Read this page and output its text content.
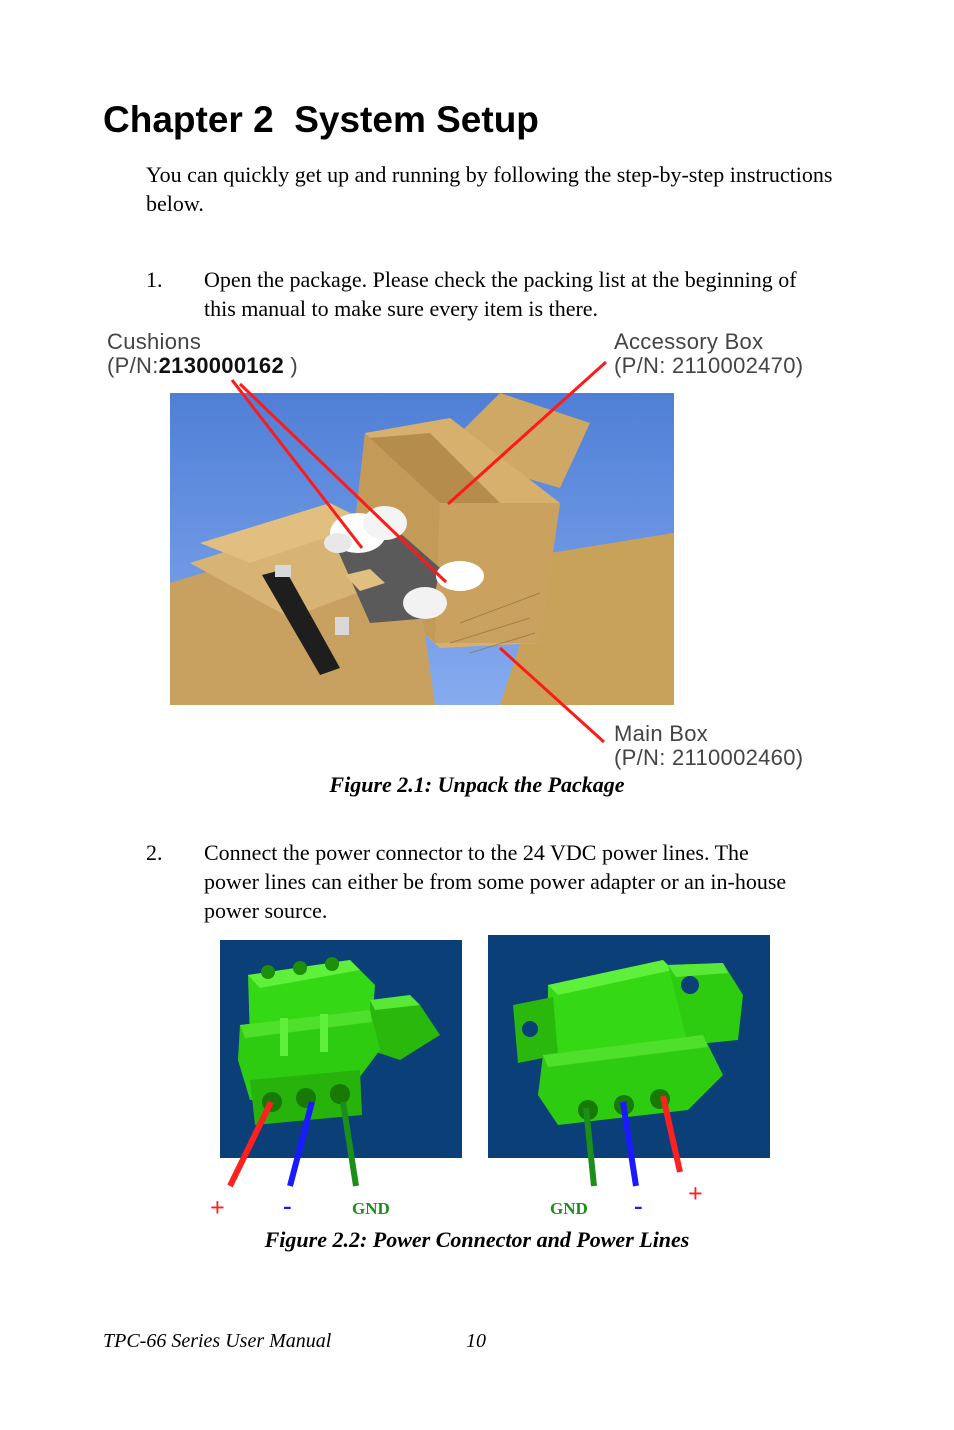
Chapter 2  System Setup
You can quickly get up and running by following the step-by-step instructions below.
1. Open the package. Please check the packing list at the beginning of
this manual to make sure every item is there.
Cushions
(P/N:2130000162 )
Accessory Box
(P/N: 2110002470)
Main Box
(P/N: 2110002460)
Figure 2.1: Unpack the Package
2. Connect the power connector to the 24 VDC power lines. The
power lines can either be from some power adapter or an in-house
power source.
+ -	GND	GND - +
Figure 2.2: Power Connector and Power Lines
TPC-66 Series User Manual	10
